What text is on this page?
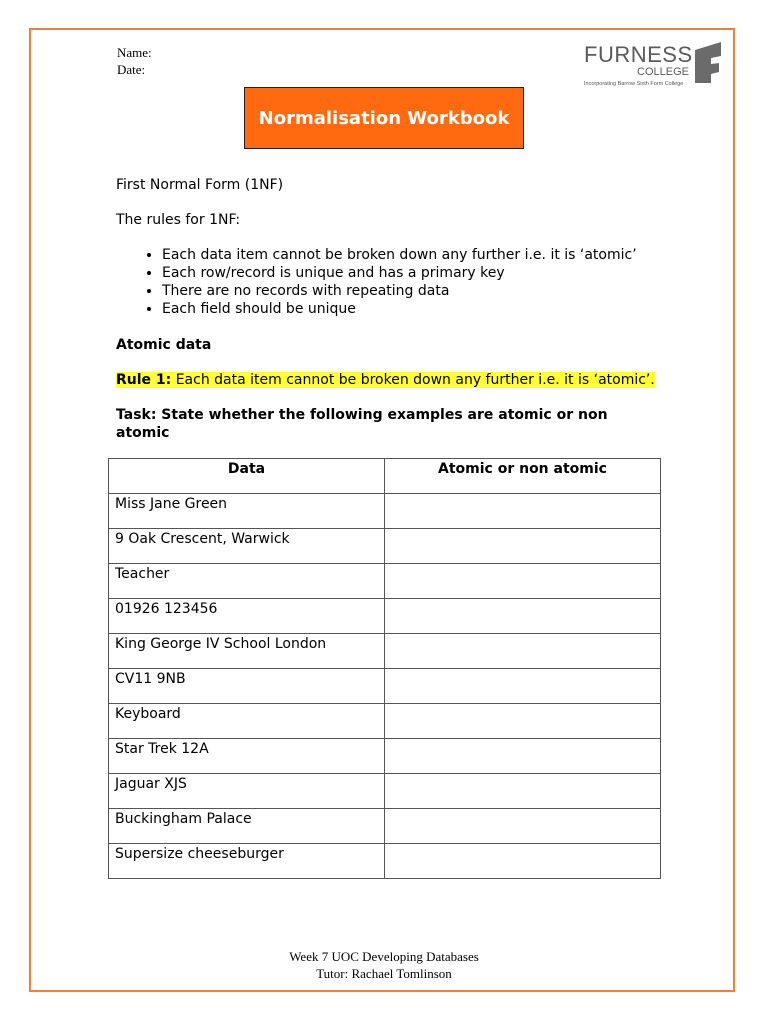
Name:
Date:
FURNESS
COLLEGE
Incorporating Barrow Sixth Form College
Normalisation Workbook
First Normal Form (1NF)
The rules for 1NF:
• Each data item cannot be broken down any further i.e. it is ‘atomic’
• Each row/record is unique and has a primary key
• There are no records with repeating data
• Each field should be unique
Atomic data
Rule 1: Each data item cannot be broken down any further i.e. it is ‘atomic’.
Task: State whether the following examples are atomic or non
atomic
Data	Atomic or non atomic
Miss Jane Green	
9 Oak Crescent, Warwick	
Teacher	
01926 123456	
King George IV School London	
CV11 9NB	
Keyboard	
Star Trek 12A	
Jaguar XJS	
Buckingham Palace	
Supersize cheeseburger	
Week 7 UOC Developing Databases
Tutor: Rachael Tomlinson
